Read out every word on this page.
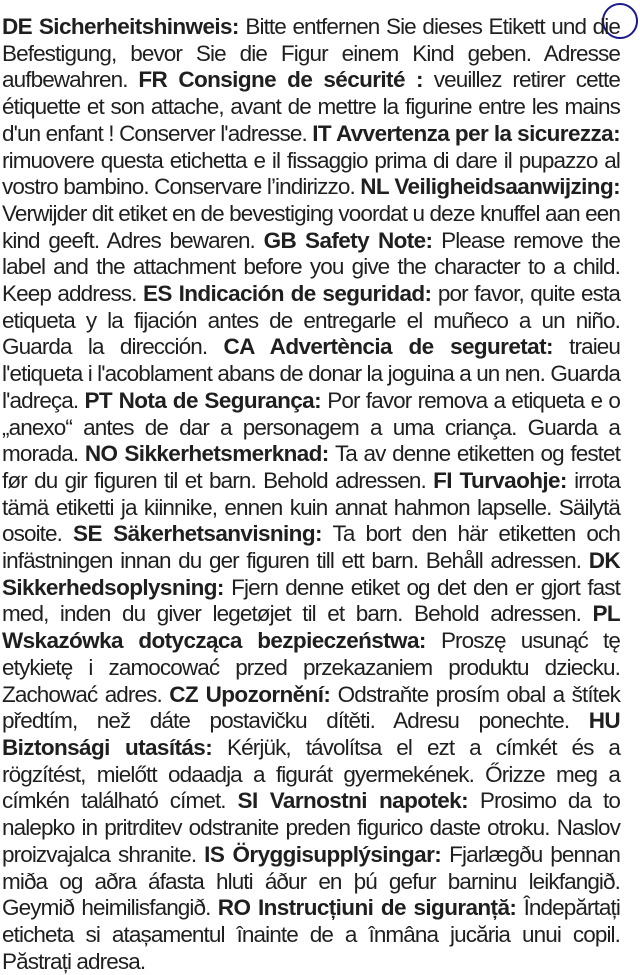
DE Sicherheitshinweis: Bitte entfernen Sie dieses Etikett und die Befestigung, bevor Sie die Figur einem Kind geben. Adresse aufbewahren. FR Consigne de sécurité : veuillez retirer cette étiquette et son attache, avant de mettre la figurine entre les mains d'un enfant ! Conserver l'adresse. IT Avvertenza per la sicurezza: rimuovere questa etichetta e il fissaggio prima di dare il pupazzo al vostro bambino. Conservare l’indirizzo. NL Veiligheidsaanwijzing: Verwijder dit etiket en de bevestiging voordat u deze knuffel aan een kind geeft. Adres bewaren. GB Safety Note: Please remove the label and the attachment before you give the character to a child. Keep address. ES Indicación de seguridad: por favor, quite esta etiqueta y la fijación antes de entregarle el muñeco a un niño. Guarda la dirección. CA Advertència de seguretat: traieu l'etiqueta i l'acoblament abans de donar la joguina a un nen. Guarda l'adreça. PT Nota de Segurança: Por favor remova a etiqueta e o „anexo“ antes de dar a personagem a uma criança. Guarda a morada. NO Sikkerhetsmerknad: Ta av denne etiketten og festet før du gir figuren til et barn. Behold adressen. FI Turvaohje: irrota tämä etiketti ja kiinnike, ennen kuin annat hahmon lapselle. Säilytä osoite. SE Säkerhetsanvisning: Ta bort den här etiketten och infästningen innan du ger figuren till ett barn. Behåll adressen. DK Sikkerhedsoplysning: Fjern denne etiket og det den er gjort fast med, inden du giver legetøjet til et barn. Behold adressen. PL Wskazówka dotycząca bezpieczeństwa: Proszę usunąć tę etykietę i zamocować przed przekazaniem produktu dziecku. Zachować adres. CZ Upozornění: Odstraňte prosím obal a štítek předtím, než dáte postavičku dítěti. Adresu ponechte. HU Biztonsági utasítás: Kérjük, távolítsa el ezt a címkét és a rögzítést, mielőtt odaadja a figurát gyermekének. Őrizze meg a címkén található címet. SI Varnostni napotek: Prosimo da to nalepko in pritrditev odstranite preden figurico daste otroku. Naslov proizvajalca shranite. IS Öryggisupplýsingar: Fjarlægðu þennan miða og aðra áfasta hluti áður en þú gefur barninu leikfangið. Geymið heimilisfangið. RO Instrucțiuni de siguranță: Îndepărtați eticheta si atașamentul înainte de a înmâna jucăria unui copil. Păstrați adresa.
